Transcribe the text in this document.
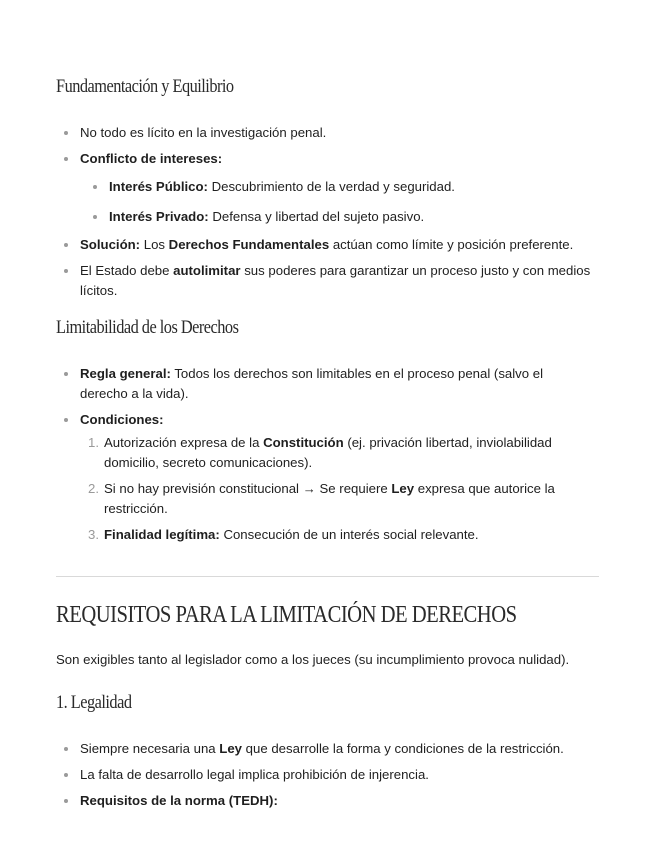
Fundamentación y Equilibrio
No todo es lícito en la investigación penal.
Conflicto de intereses:
Interés Público: Descubrimiento de la verdad y seguridad.
Interés Privado: Defensa y libertad del sujeto pasivo.
Solución: Los Derechos Fundamentales actúan como límite y posición preferente.
El Estado debe autolimitar sus poderes para garantizar un proceso justo y con medios lícitos.
Limitabilidad de los Derechos
Regla general: Todos los derechos son limitables en el proceso penal (salvo el derecho a la vida).
Condiciones:
1. Autorización expresa de la Constitución (ej. privación libertad, inviolabilidad domicilio, secreto comunicaciones).
2. Si no hay previsión constitucional → Se requiere Ley expresa que autorice la restricción.
3. Finalidad legítima: Consecución de un interés social relevante.
REQUISITOS PARA LA LIMITACIÓN DE DERECHOS

Son exigibles tanto al legislador como a los jueces (su incumplimiento provoca nulidad).

1. Legalidad
Siempre necesaria una Ley que desarrolle la forma y condiciones de la restricción.
La falta de desarrollo legal implica prohibición de injerencia.
Requisitos de la norma (TEDH):
